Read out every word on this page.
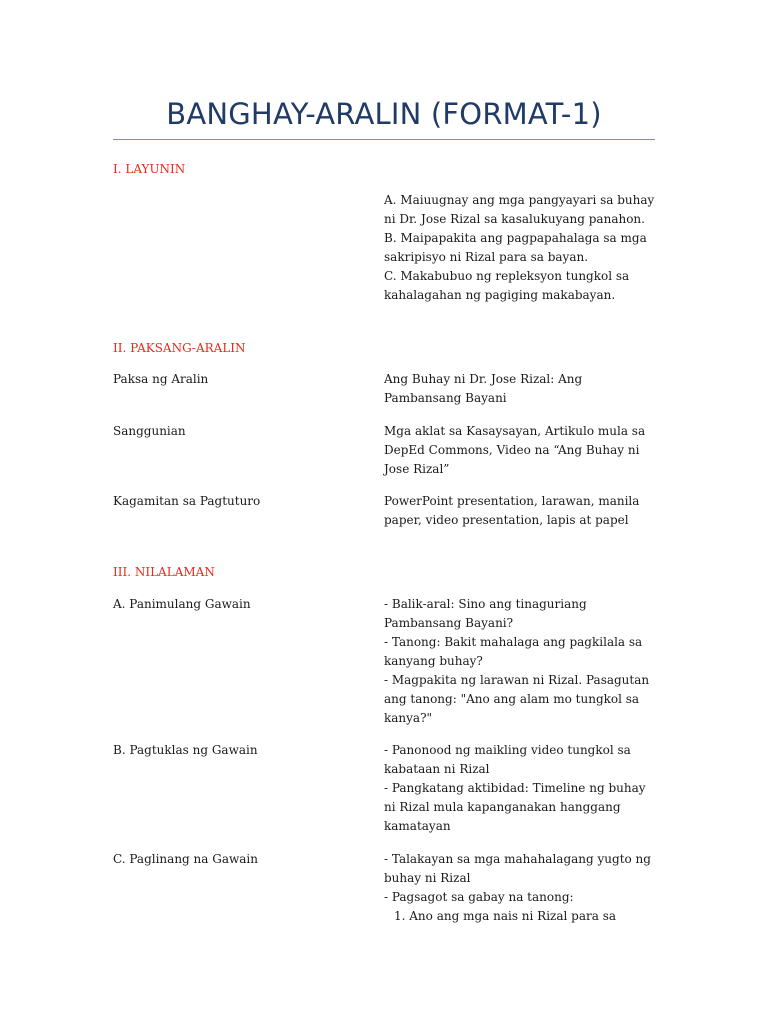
BANGHAY-ARALIN (FORMAT-1)
I. LAYUNIN
A. Maiuugnay ang mga pangyayari sa buhay
ni Dr. Jose Rizal sa kasalukuyang panahon.
B. Maipapakita ang pagpapahalaga sa mga
sakripisyo ni Rizal para sa bayan.
C. Makabubuo ng repleksyon tungkol sa
kahalagahan ng pagiging makabayan.
II. PAKSANG-ARALIN
Paksa ng Aralin	Ang Buhay ni Dr. Jose Rizal: Ang
Pambansang Bayani
Sanggunian	Mga aklat sa Kasaysayan, Artikulo mula sa
DepEd Commons, Video na “Ang Buhay ni
Jose Rizal”
Kagamitan sa Pagtuturo	PowerPoint presentation, larawan, manila
paper, video presentation, lapis at papel
III. NILALAMAN
A. Panimulang Gawain	- Balik-aral: Sino ang tinaguriang
Pambansang Bayani?
- Tanong: Bakit mahalaga ang pagkilala sa
kanyang buhay?
- Magpakita ng larawan ni Rizal. Pasagutan
ang tanong: "Ano ang alam mo tungkol sa
kanya?"
B. Pagtuklas ng Gawain	- Panonood ng maikling video tungkol sa
kabataan ni Rizal
- Pangkatang aktibidad: Timeline ng buhay
ni Rizal mula kapanganakan hanggang
kamatayan
C. Paglinang na Gawain	- Talakayan sa mga mahahalagang yugto ng
buhay ni Rizal
- Pagsagot sa gabay na tanong:
1. Ano ang mga nais ni Rizal para sa
